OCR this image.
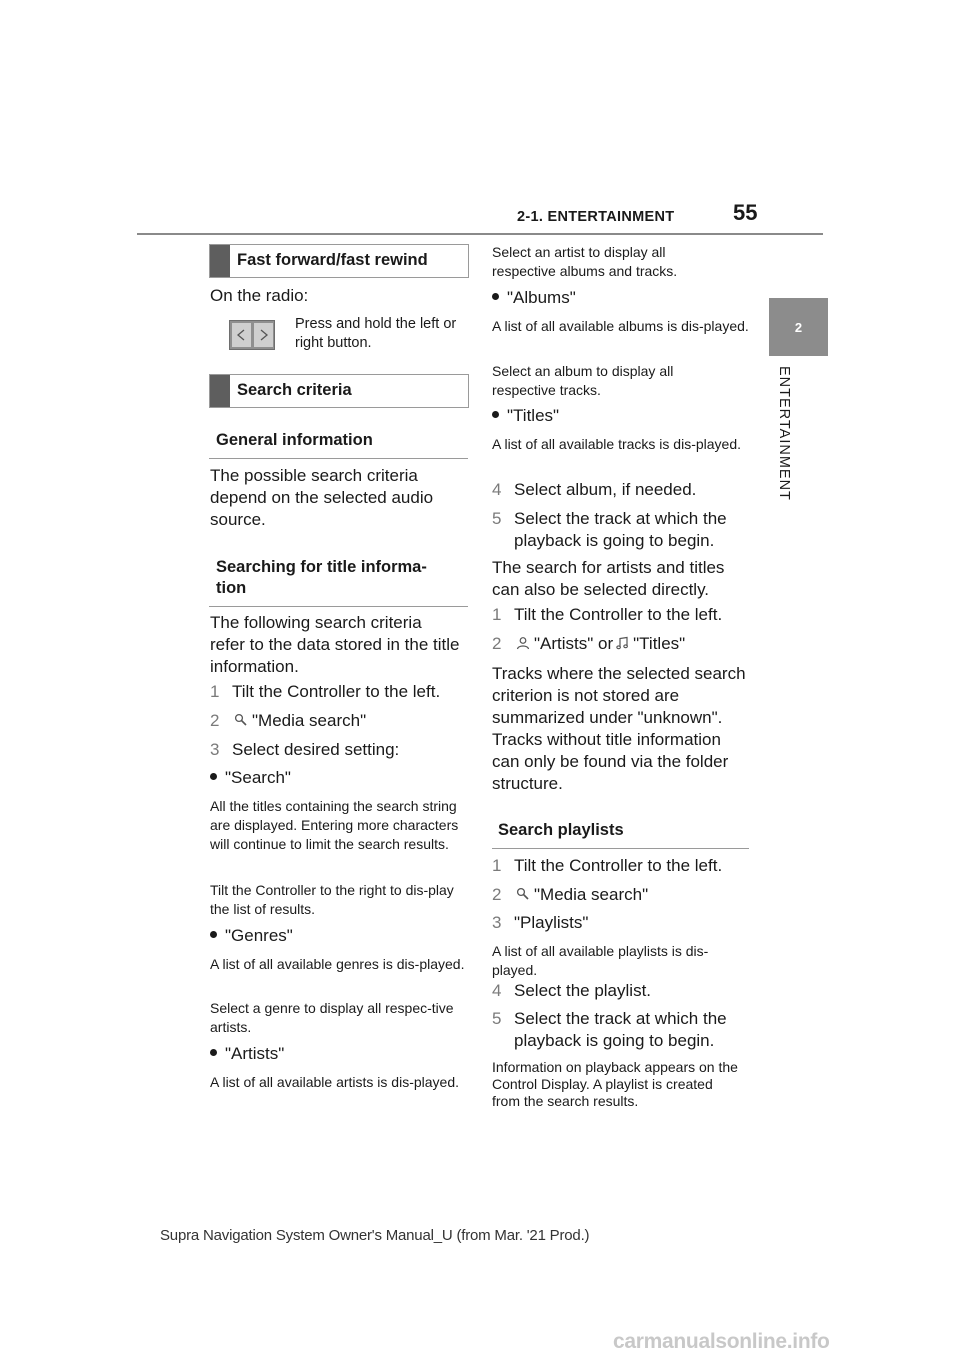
2-1. ENTERTAINMENT	55
2
ENTERTAINMENT
Fast forward/fast rewind
On the radio:
Press and hold the left or right button.
Search criteria
General information
The possible search criteria depend on the selected audio source.
Searching for title informa-tion
The following search criteria refer to the data stored in the title information.
1 Tilt the Controller to the left.
2 "Media search"
3 Select desired setting:
"Search"
All the titles containing the search string are displayed. Entering more characters will continue to limit the search results.
Tilt the Controller to the right to dis-play the list of results.
"Genres"
A list of all available genres is dis-played.
Select a genre to display all respec-tive artists.
"Artists"
A list of all available artists is dis-played.
Select an artist to display all respective albums and tracks.
"Albums"
A list of all available albums is dis-played.
Select an album to display all respective tracks.
"Titles"
A list of all available tracks is dis-played.
4 Select album, if needed.
5 Select the track at which the playback is going to begin.
The search for artists and titles can also be selected directly.
1 Tilt the Controller to the left.
2 "Artists" or "Titles"
Tracks where the selected search criterion is not stored are summarized under "unknown". Tracks without title information can only be found via the folder structure.
Search playlists
1 Tilt the Controller to the left.
2 "Media search"
3 "Playlists"
A list of all available playlists is dis-played.
4 Select the playlist.
5 Select the track at which the playback is going to begin.
Information on playback appears on the Control Display. A playlist is created from the search results.
Supra Navigation System Owner's Manual_U (from Mar. '21 Prod.)
carmanualsonline.info
